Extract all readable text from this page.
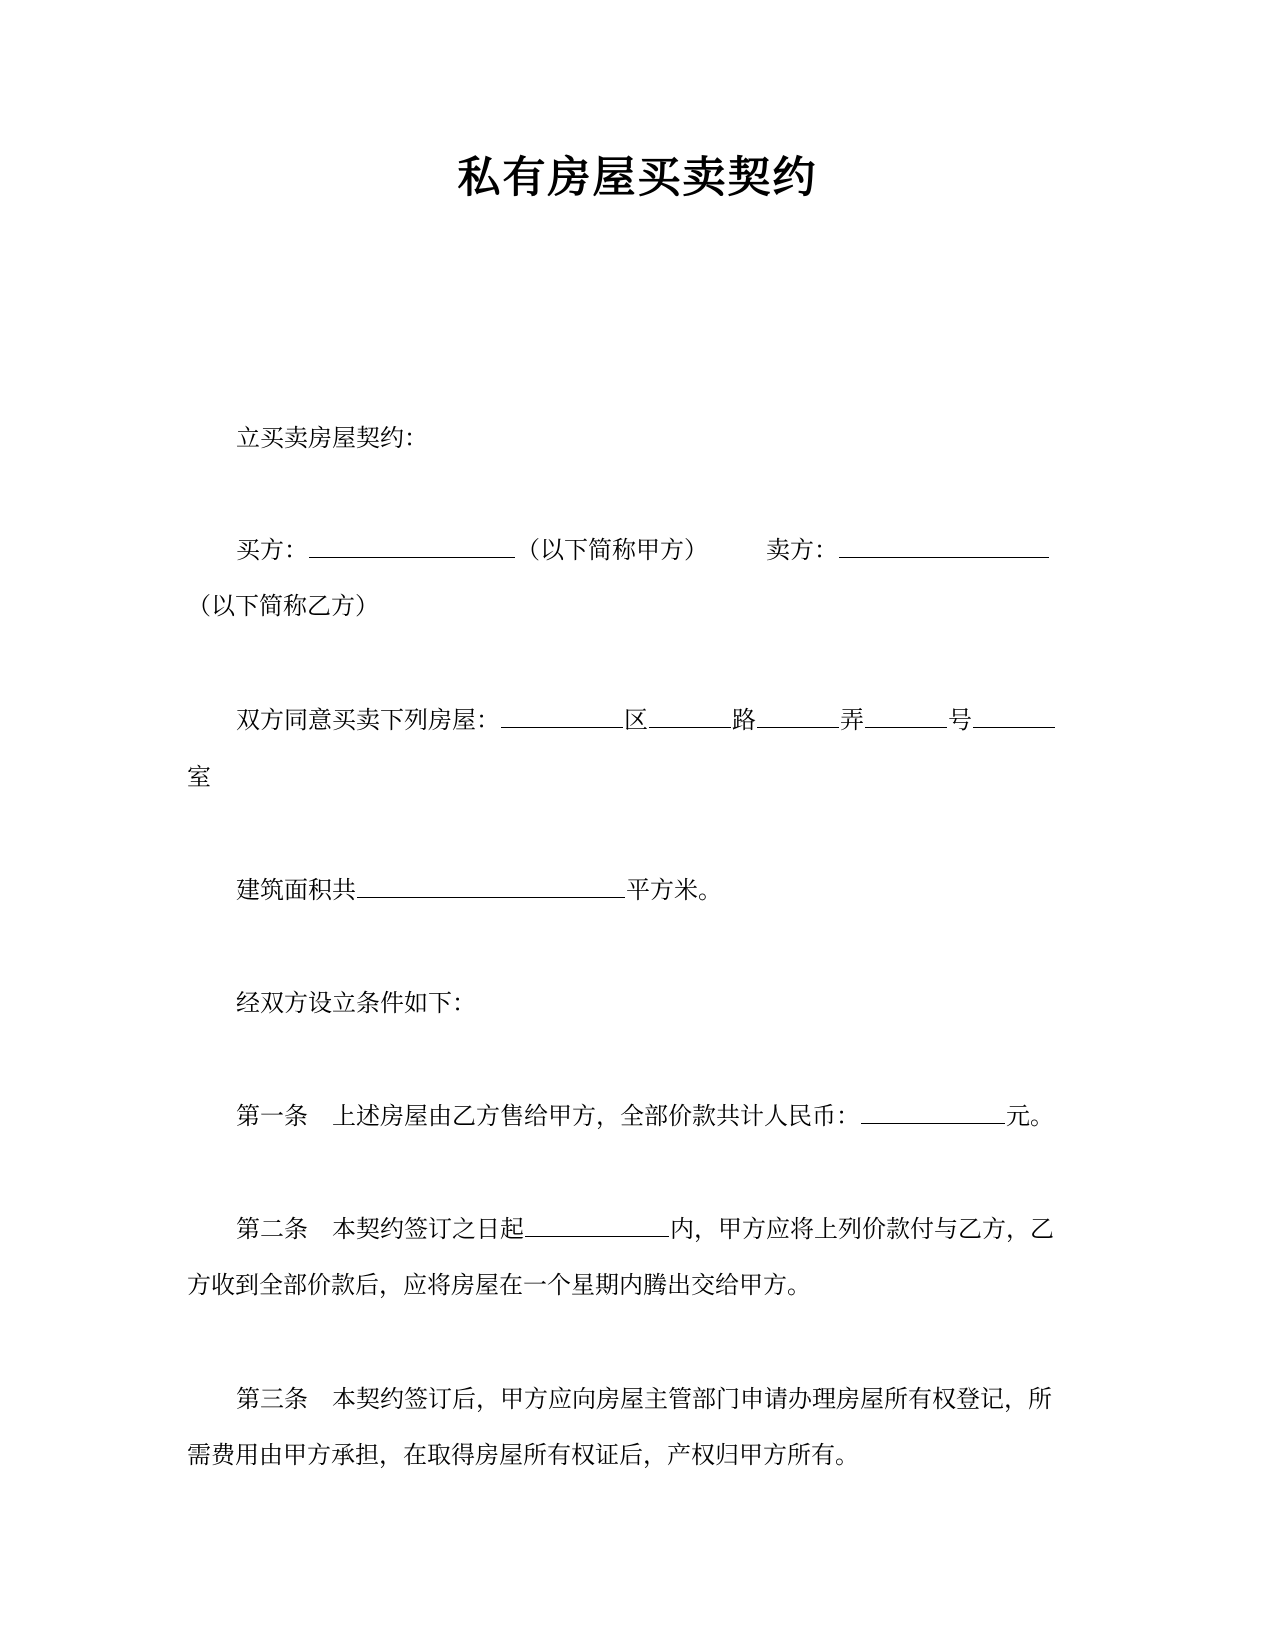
私有房屋买卖契约
立买卖房屋契约：
买方：	（以下简称甲方） 卖方：
（以下简称乙方）
双方同意买卖下列房屋：	区	路	弄	号
室
建筑面积共	平方米。
经双方设立条件如下：
第一条 上述房屋由乙方售给甲方，全部价款共计人民币：	元。
第二条 本契约签订之日起	内，甲方应将上列价款付与乙方，乙
方收到全部价款后，应将房屋在一个星期内腾出交给甲方。
第三条 本契约签订后，甲方应向房屋主管部门申请办理房屋所有权登记，所
需费用由甲方承担，在取得房屋所有权证后，产权归甲方所有。
